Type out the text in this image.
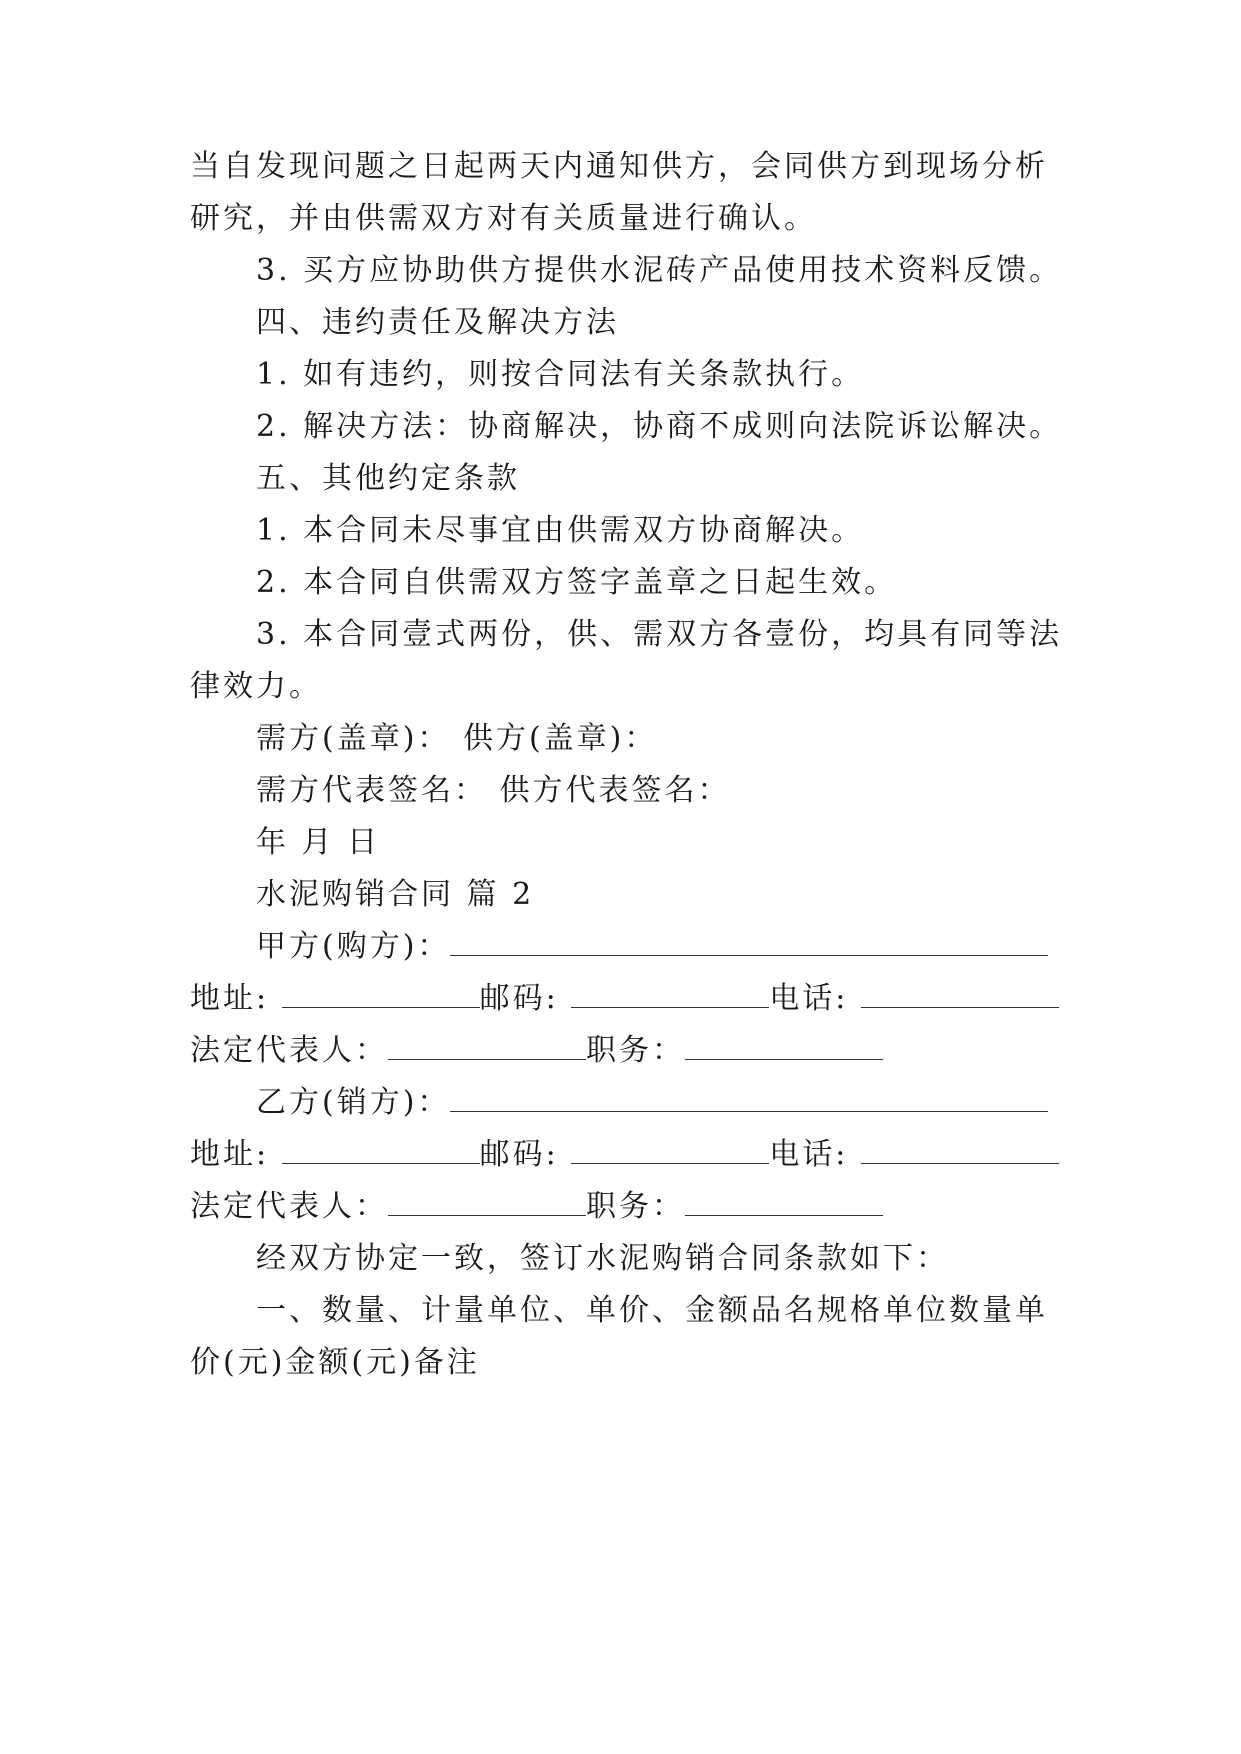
当自发现问题之日起两天内通知供方，会同供方到现场分析
研究，并由供需双方对有关质量进行确认。
3. 买方应协助供方提供水泥砖产品使用技术资料反馈。
四、违约责任及解决方法
1. 如有违约，则按合同法有关条款执行。
2. 解决方法：协商解决，协商不成则向法院诉讼解决。
五、其他约定条款
1. 本合同未尽事宜由供需双方协商解决。
2. 本合同自供需双方签字盖章之日起生效。
3. 本合同壹式两份，供、需双方各壹份，均具有同等法
律效力。
需方(盖章)： 供方(盖章)：
需方代表签名： 供方代表签名：
年 月 日
水泥购销合同 篇 2
甲方(购方)：
地址:	邮码:	电话:
法定代表人：	职务：
乙方(销方)：
地址:	邮码:	电话:
法定代表人：	职务：
经双方协定一致，签订水泥购销合同条款如下：
一、数量、计量单位、单价、金额品名规格单位数量单
价(元)金额(元)备注
